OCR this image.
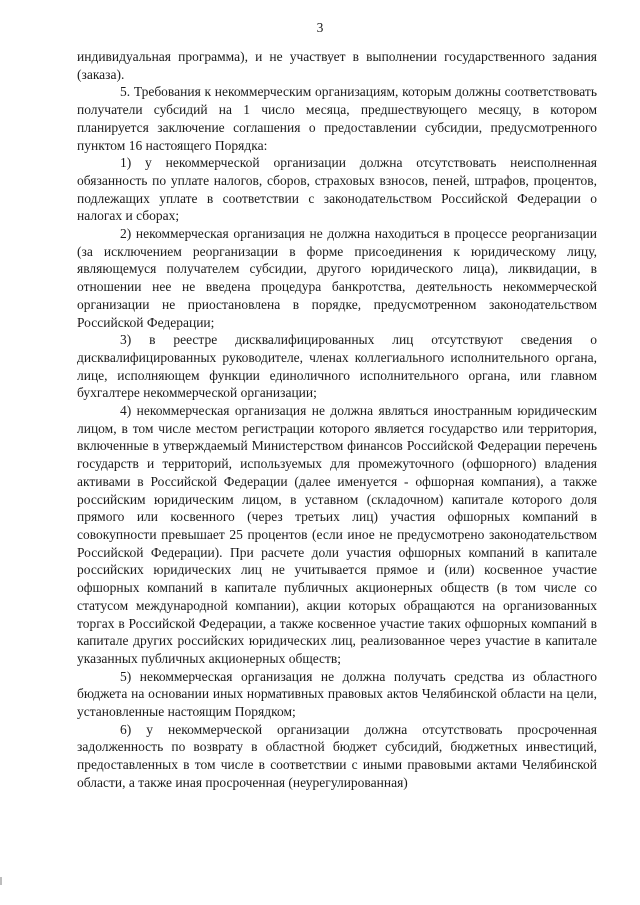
3

индивидуальная программа), и не участвует в выполнении государственного задания (заказа).

5. Требования к некоммерческим организациям, которым должны соответствовать получатели субсидий на 1 число месяца, предшествующего месяцу, в котором планируется заключение соглашения о предоставлении субсидии, предусмотренного пунктом 16 настоящего Порядка:

1) у некоммерческой организации должна отсутствовать неисполненная обязанность по уплате налогов, сборов, страховых взносов, пеней, штрафов, процентов, подлежащих уплате в соответствии с законодательством Российской Федерации о налогах и сборах;

2) некоммерческая организация не должна находиться в процессе реорганизации (за исключением реорганизации в форме присоединения к юридическому лицу, являющемуся получателем субсидии, другого юридического лица), ликвидации, в отношении нее не введена процедура банкротства, деятельность некоммерческой организации не приостановлена в порядке, предусмотренном законодательством Российской Федерации;

3) в реестре дисквалифицированных лиц отсутствуют сведения о дисквалифицированных руководителе, членах коллегиального исполнительного органа, лице, исполняющем функции единоличного исполнительного органа, или главном бухгалтере некоммерческой организации;

4) некоммерческая организация не должна являться иностранным юридическим лицом, в том числе местом регистрации которого является государство или территория, включенные в утверждаемый Министерством финансов Российской Федерации перечень государств и территорий, используемых для промежуточного (офшорного) владения активами в Российской Федерации (далее именуется - офшорная компания), а также российским юридическим лицом, в уставном (складочном) капитале которого доля прямого или косвенного (через третьих лиц) участия офшорных компаний в совокупности превышает 25 процентов (если иное не предусмотрено законодательством Российской Федерации). При расчете доли участия офшорных компаний в капитале российских юридических лиц не учитывается прямое и (или) косвенное участие офшорных компаний в капитале публичных акционерных обществ (в том числе со статусом международной компании), акции которых обращаются на организованных торгах в Российской Федерации, а также косвенное участие таких офшорных компаний в капитале других российских юридических лиц, реализованное через участие в капитале указанных публичных акционерных обществ;

5) некоммерческая организация не должна получать средства из областного бюджета на основании иных нормативных правовых актов Челябинской области на цели, установленные настоящим Порядком;

6) у некоммерческой организации должна отсутствовать просроченная задолженность по возврату в областной бюджет субсидий, бюджетных инвестиций, предоставленных в том числе в соответствии с иными правовыми актами Челябинской области, а также иная просроченная (неурегулированная)
